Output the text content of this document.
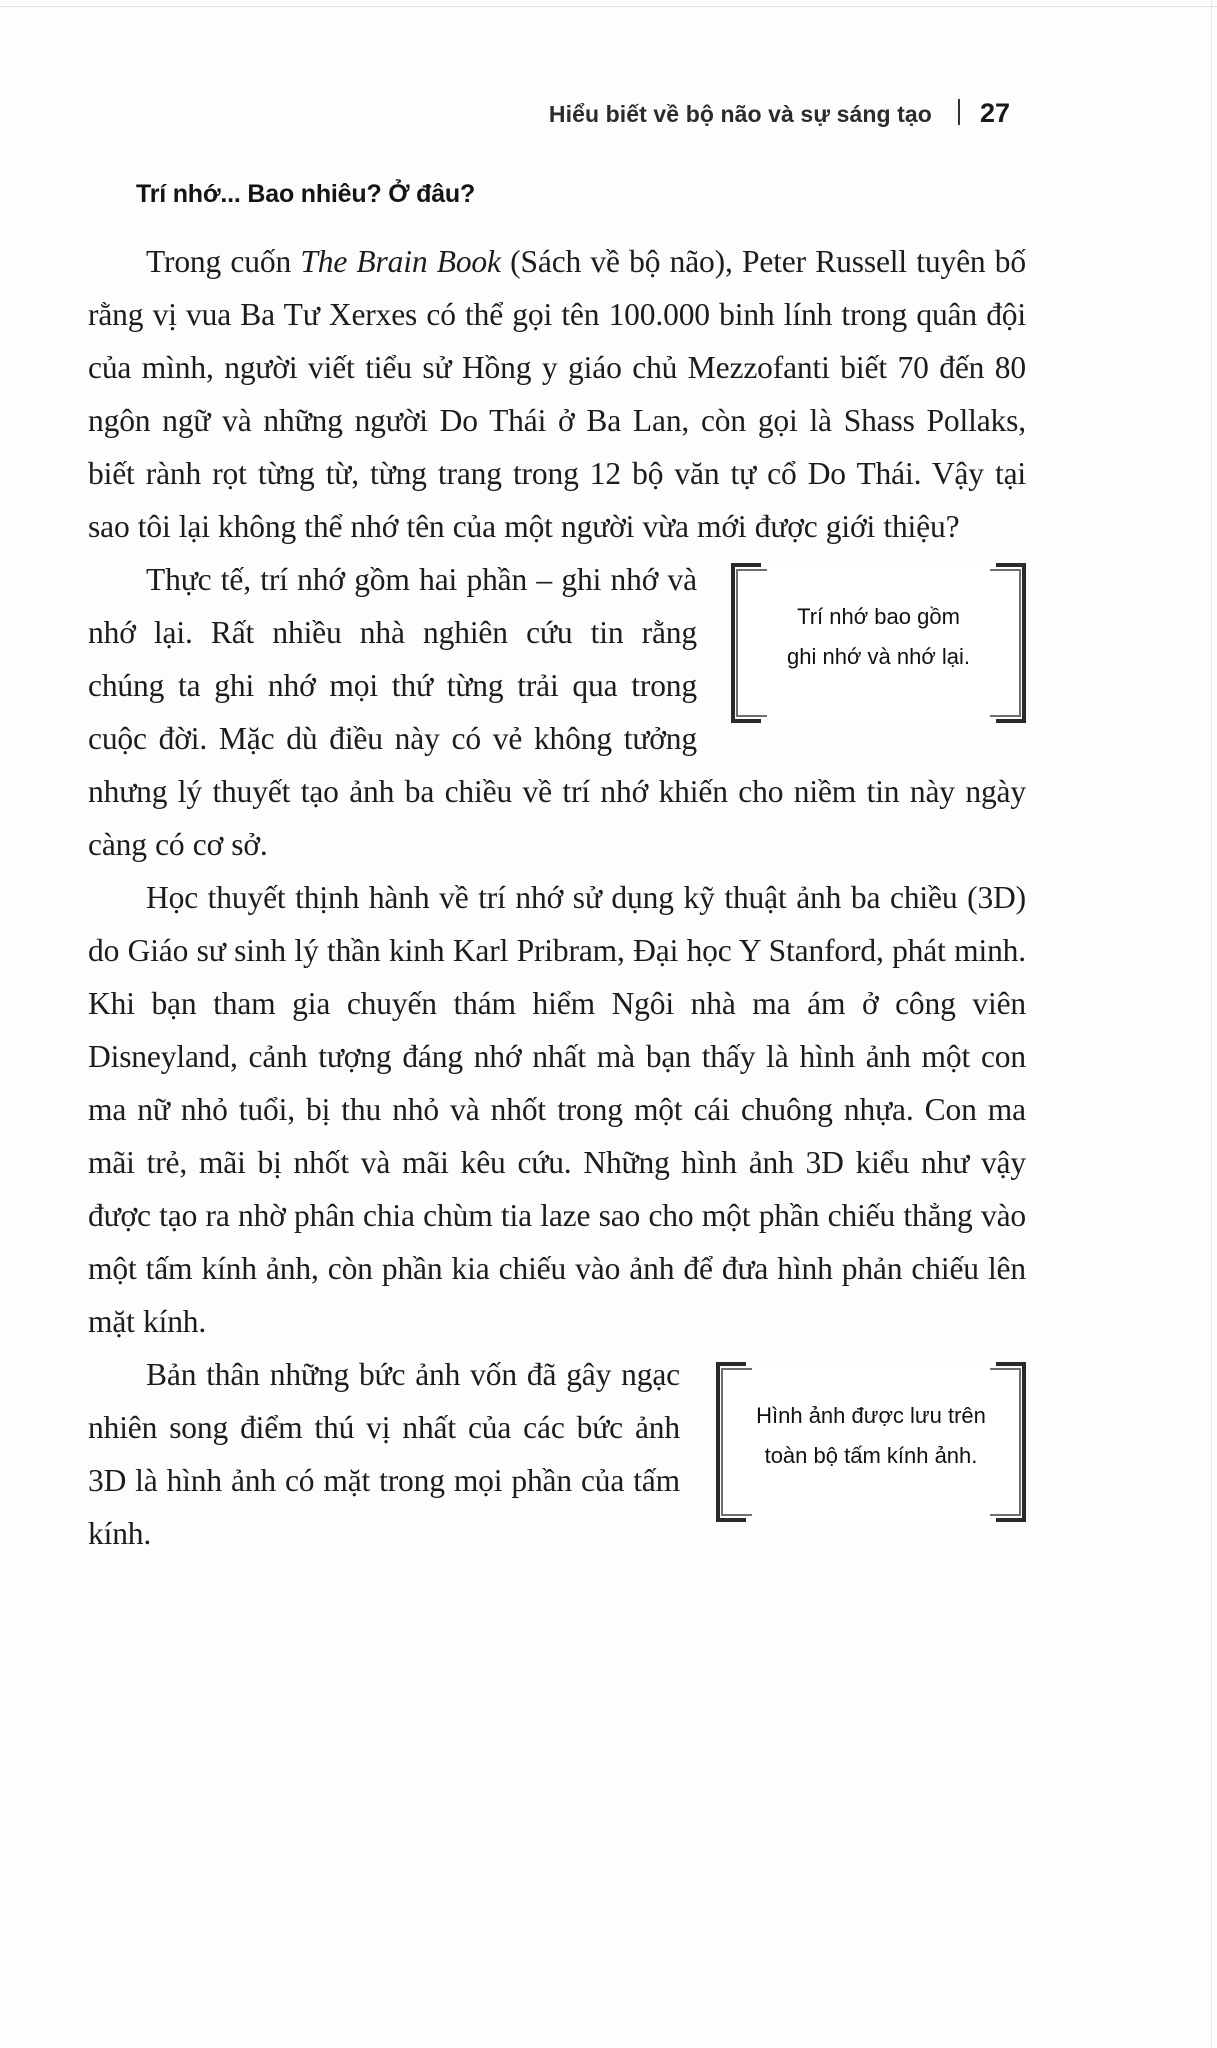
Hiểu biết về bộ não và sự sáng tạo 27
Trí nhớ... Bao nhiêu? Ở đâu?

Trong cuốn The Brain Book (Sách về bộ não), Peter Russell tuyên bố rằng vị vua Ba Tư Xerxes có thể gọi tên 100.000 binh lính trong quân đội của mình, người viết tiểu sử Hồng y giáo chủ Mezzofanti biết 70 đến 80 ngôn ngữ và những người Do Thái ở Ba Lan, còn gọi là Shass Pollaks, biết rành rọt từng từ, từng trang trong 12 bộ văn tự cổ Do Thái. Vậy tại sao tôi lại không thể nhớ tên của một người vừa mới được giới thiệu?

Trí nhớ bao gồm
ghi nhớ và nhớ lại.

Thực tế, trí nhớ gồm hai phần – ghi nhớ và nhớ lại. Rất nhiều nhà nghiên cứu tin rằng chúng ta ghi nhớ mọi thứ từng trải qua trong cuộc đời. Mặc dù điều này có vẻ không tưởng nhưng lý thuyết tạo ảnh ba chiều về trí nhớ khiến cho niềm tin này ngày càng có cơ sở.

Học thuyết thịnh hành về trí nhớ sử dụng kỹ thuật ảnh ba chiều (3D) do Giáo sư sinh lý thần kinh Karl Pribram, Đại học Y Stanford, phát minh. Khi bạn tham gia chuyến thám hiểm Ngôi nhà ma ám ở công viên Disneyland, cảnh tượng đáng nhớ nhất mà bạn thấy là hình ảnh một con ma nữ nhỏ tuổi, bị thu nhỏ và nhốt trong một cái chuông nhựa. Con ma mãi trẻ, mãi bị nhốt và mãi kêu cứu. Những hình ảnh 3D kiểu như vậy được tạo ra nhờ phân chia chùm tia laze sao cho một phần chiếu thẳng vào một tấm kính ảnh, còn phần kia chiếu vào ảnh để đưa hình phản chiếu lên mặt kính.

Hình ảnh được lưu trên
toàn bộ tấm kính ảnh.

Bản thân những bức ảnh vốn đã gây ngạc nhiên song điểm thú vị nhất của các bức ảnh 3D là hình ảnh có mặt trong mọi phần của tấm kính.
